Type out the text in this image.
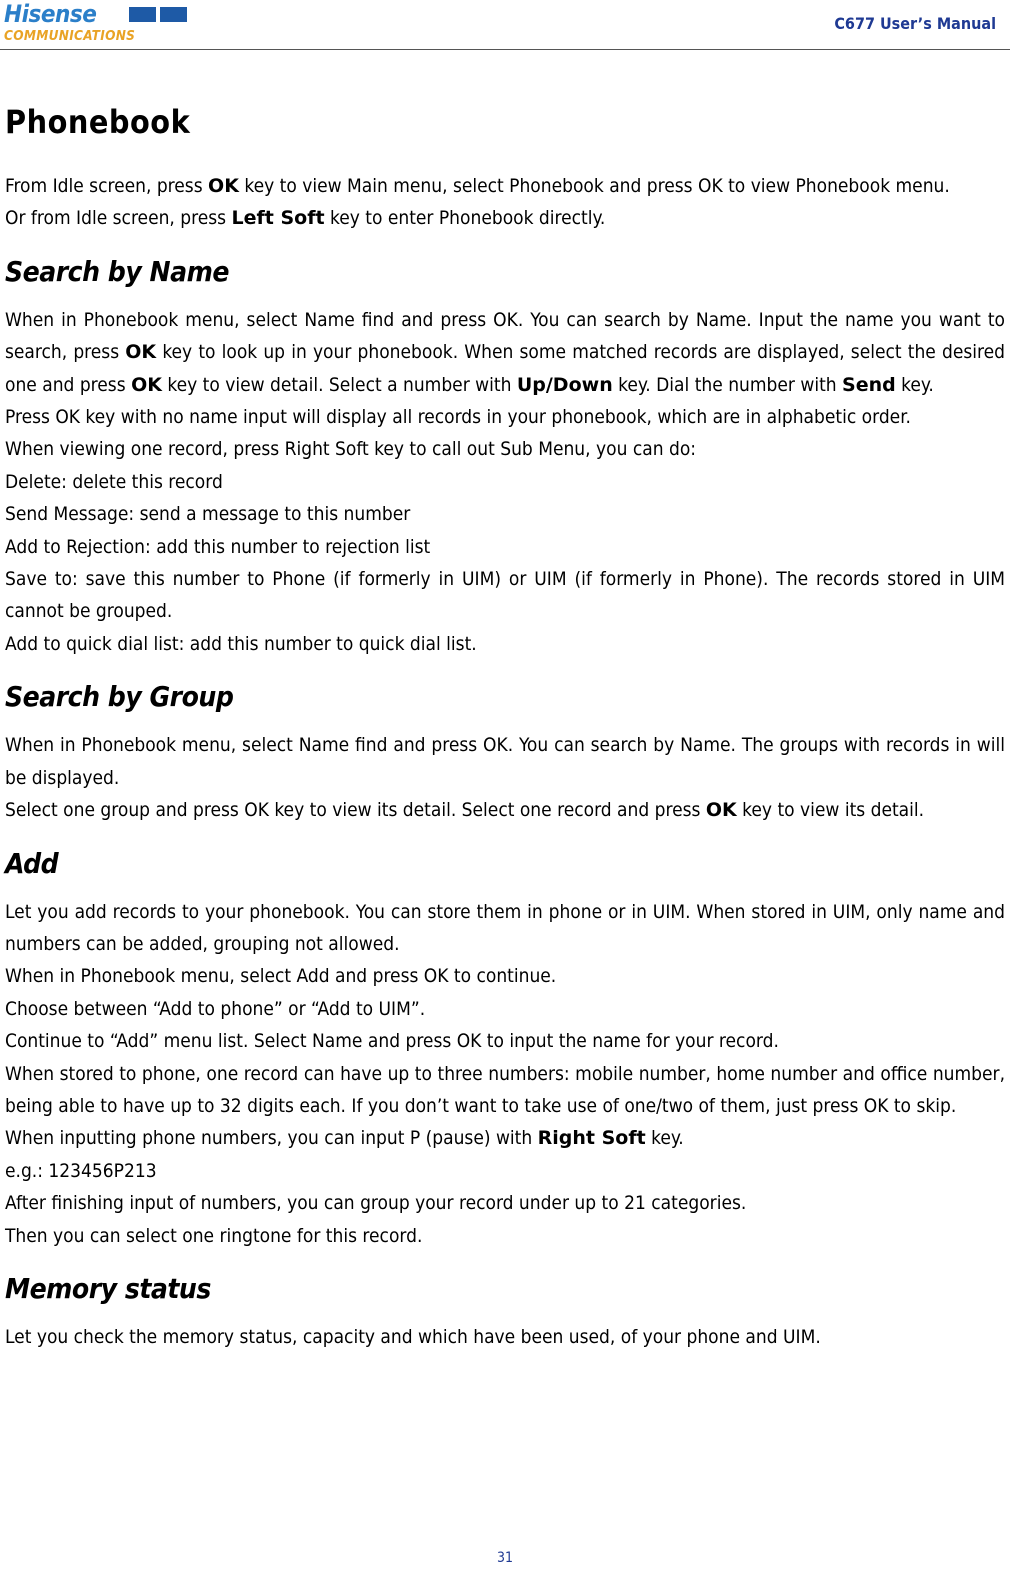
Hisense
COMMUNICATIONS
C677 User’s Manual
Phonebook

From Idle screen, press OK key to view Main menu, select Phonebook and press OK to view Phonebook menu.

Or from Idle screen, press Left Soft key to enter Phonebook directly.

Search by Name

When in Phonebook menu, select Name find and press OK. You can search by Name. Input the name you want to search, press OK key to look up in your phonebook. When some matched records are displayed, select the desired one and press OK key to view detail. Select a number with Up/Down key. Dial the number with Send key.

Press OK key with no name input will display all records in your phonebook, which are in alphabetic order.

When viewing one record, press Right Soft key to call out Sub Menu, you can do:

Delete: delete this record

Send Message: send a message to this number

Add to Rejection: add this number to rejection list

Save to: save this number to Phone (if formerly in UIM) or UIM (if formerly in Phone). The records stored in UIM cannot be grouped.

Add to quick dial list: add this number to quick dial list.

Search by Group

When in Phonebook menu, select Name find and press OK. You can search by Name. The groups with records in will be displayed.

Select one group and press OK key to view its detail. Select one record and press OK key to view its detail.

Add

Let you add records to your phonebook. You can store them in phone or in UIM. When stored in UIM, only name and numbers can be added, grouping not allowed.

When in Phonebook menu, select Add and press OK to continue.

Choose between “Add to phone” or “Add to UIM”.

Continue to “Add” menu list. Select Name and press OK to input the name for your record.

When stored to phone, one record can have up to three numbers: mobile number, home number and office number, being able to have up to 32 digits each. If you don’t want to take use of one/two of them, just press OK to skip.

When inputting phone numbers, you can input P (pause) with Right Soft key.

e.g.: 123456P213

After finishing input of numbers, you can group your record under up to 21 categories.

Then you can select one ringtone for this record.

Memory status

Let you check the memory status, capacity and which have been used, of your phone and UIM.

31
